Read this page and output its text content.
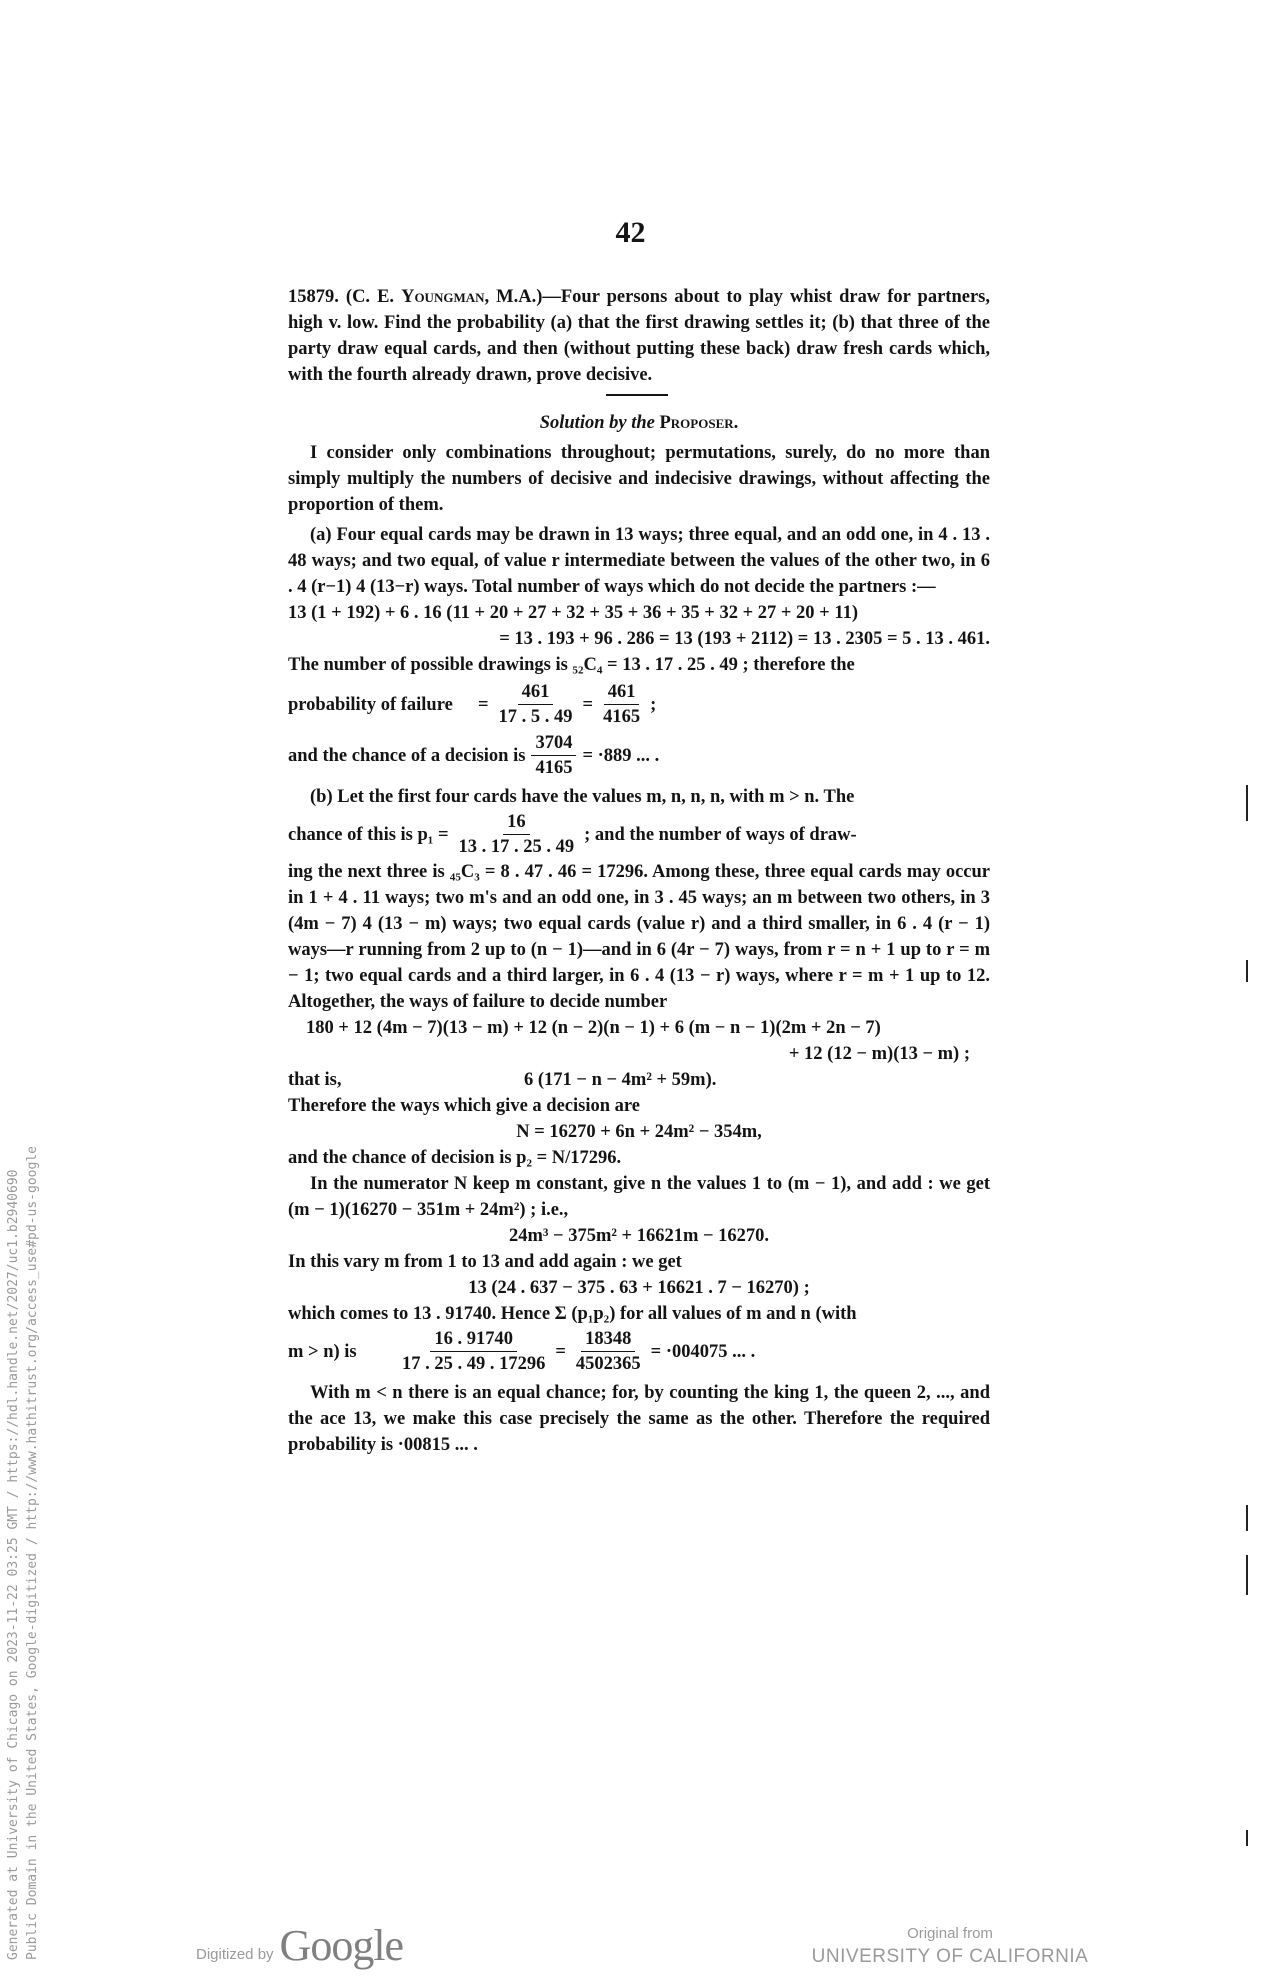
42

15879. (C. E. Youngman, M.A.)—Four persons about to play whist draw for partners, high v. low. Find the probability (a) that the first drawing settles it; (b) that three of the party draw equal cards, and then (without putting these back) draw fresh cards which, with the fourth already drawn, prove decisive.

Solution by the Proposer.

I consider only combinations throughout; permutations, surely, do no more than simply multiply the numbers of decisive and indecisive drawings, without affecting the proportion of them.

(a) Four equal cards may be drawn in 13 ways; three equal, and an odd one, in 4 . 13 . 48 ways; and two equal, of value r intermediate between the values of the other two, in 6 . 4 (r−1) 4 (13−r) ways. Total number of ways which do not decide the partners :—

13 (1 + 192) + 6 . 16 (11 + 20 + 27 + 32 + 35 + 36 + 35 + 32 + 27 + 20 + 11)

= 13 . 193 + 96 . 286 = 13 (193 + 2112) = 13 . 2305 = 5 . 13 . 461.

The number of possible drawings is ₅₂C₄ = 13 . 17 . 25 . 49 ; therefore the

probability of failure	= $\frac{461}{17 . 5 . 49} = \frac{461}{4165}$ ;
and the chance of a decision is $\frac{3704}{4165} = \cdot 889$ ... .

(b) Let the first four cards have the values m, n, n, n, with m > n. The

chance of this is $p_1 = \frac{16}{13 . 17 . 25 . 49}$ ; and the number of ways of draw-

ing the next three is ₄₅C₃ = 8 . 47 . 46 = 17296. Among these, three equal cards may occur in 1 + 4 . 11 ways; two m's and an odd one, in 3 . 45 ways; an m between two others, in 3 (4m − 7) 4 (13 − m) ways; two equal cards (value r) and a third smaller, in 6 . 4 (r − 1) ways—r running from 2 up to (n − 1)—and in 6 (4r − 7) ways, from r = n + 1 up to r = m − 1; two equal cards and a third larger, in 6 . 4 (13 − r) ways, where r = m + 1 up to 12. Altogether, the ways of failure to decide number

180 + 12 (4m − 7)(13 − m) + 12 (n − 2)(n − 1) + 6 (m − n − 1)(2m + 2n − 7)

+ 12 (12 − m)(13 − m) ;

that is,	6 (171 − n − 4m² + 59m).

Therefore the ways which give a decision are

N = 16270 + 6n + 24m² − 354m,

and the chance of decision is p₂ = N/17296.

In the numerator N keep m constant, give n the values 1 to (m − 1), and add : we get (m − 1)(16270 − 351m + 24m²) ; i.e.,

24m³ − 375m² + 16621m − 16270.

In this vary m from 1 to 13 and add again : we get

13 (24 . 637 − 375 . 63 + 16621 . 7 − 16270) ;

which comes to 13 . 91740. Hence Σ (p₁p₂) for all values of m and n (with

m > n) is	$\frac{16 . 91740}{17 . 25 . 49 . 17296} = \frac{18348}{4502365} = \cdot 004075$ ... .

With m < n there is an equal chance; for, by counting the king 1, the queen 2, ..., and the ace 13, we make this case precisely the same as the other. Therefore the required probability is ·00815 ... .

Generated at University of Chicago on 2023-11-22 03:25 GMT / https://hdl.handle.net/2027/uc1.b2940690 Public Domain in the United States, Google-digitized / http://www.hathitrust.org/access_use#pd-us-google	Digitized by Google	Original from
UNIVERSITY OF CALIFORNIA
